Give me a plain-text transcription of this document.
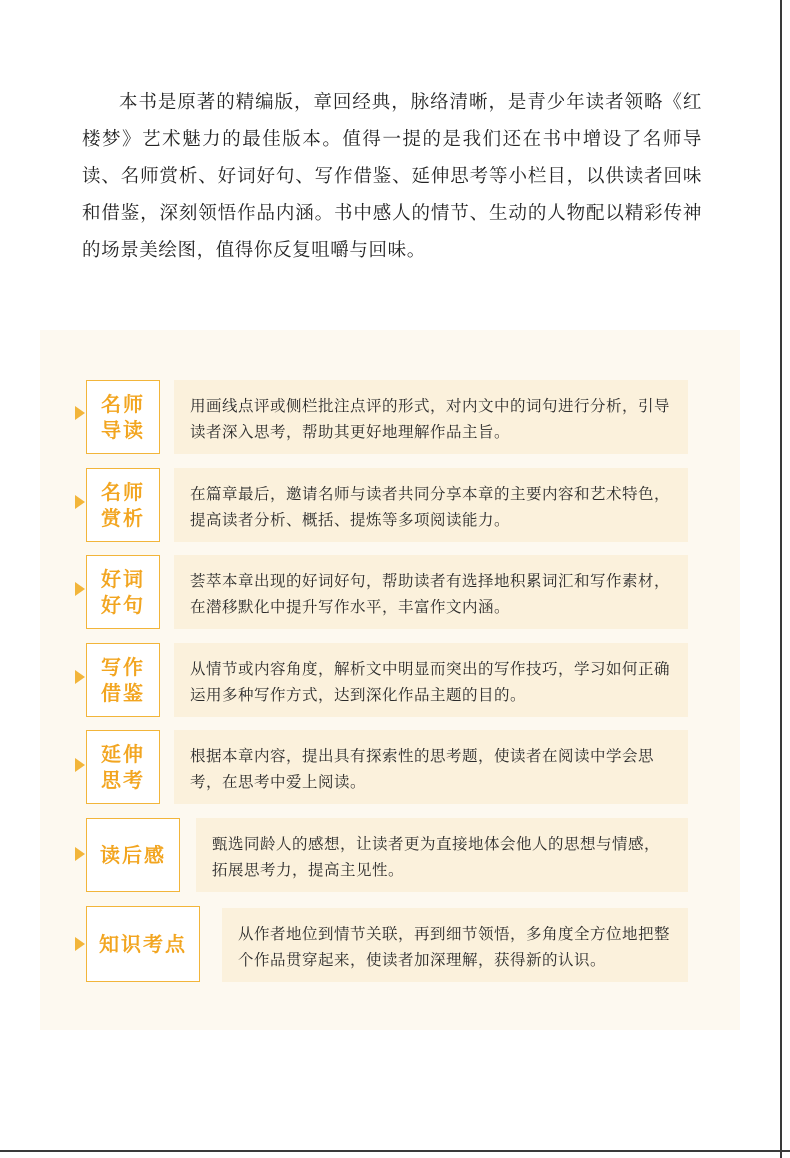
本书是原著的精编版，章回经典，脉络清晰，是青少年读者领略《红楼梦》艺术魅力的最佳版本。值得一提的是我们还在书中增设了名师导读、名师赏析、好词好句、写作借鉴、延伸思考等小栏目，以供读者回味和借鉴，深刻领悟作品内涵。书中感人的情节、生动的人物配以精彩传神的场景美绘图，值得你反复咀嚼与回味。

名师
导读
用画线点评或侧栏批注点评的形式，对内文中的词句进行分析，引导读者深入思考，帮助其更好地理解作品主旨。
名师
赏析
在篇章最后，邀请名师与读者共同分享本章的主要内容和艺术特色，提高读者分析、概括、提炼等多项阅读能力。
好词
好句
荟萃本章出现的好词好句，帮助读者有选择地积累词汇和写作素材，在潜移默化中提升写作水平，丰富作文内涵。
写作
借鉴
从情节或内容角度，解析文中明显而突出的写作技巧，学习如何正确运用多种写作方式，达到深化作品主题的目的。
延伸
思考
根据本章内容，提出具有探索性的思考题，使读者在阅读中学会思考，在思考中爱上阅读。
读后感	甄选同龄人的感想，让读者更为直接地体会他人的思想与情感，拓展思考力，提高主见性。
知识考点	从作者地位到情节关联，再到细节领悟，多角度全方位地把整个作品贯穿起来，使读者加深理解，获得新的认识。
